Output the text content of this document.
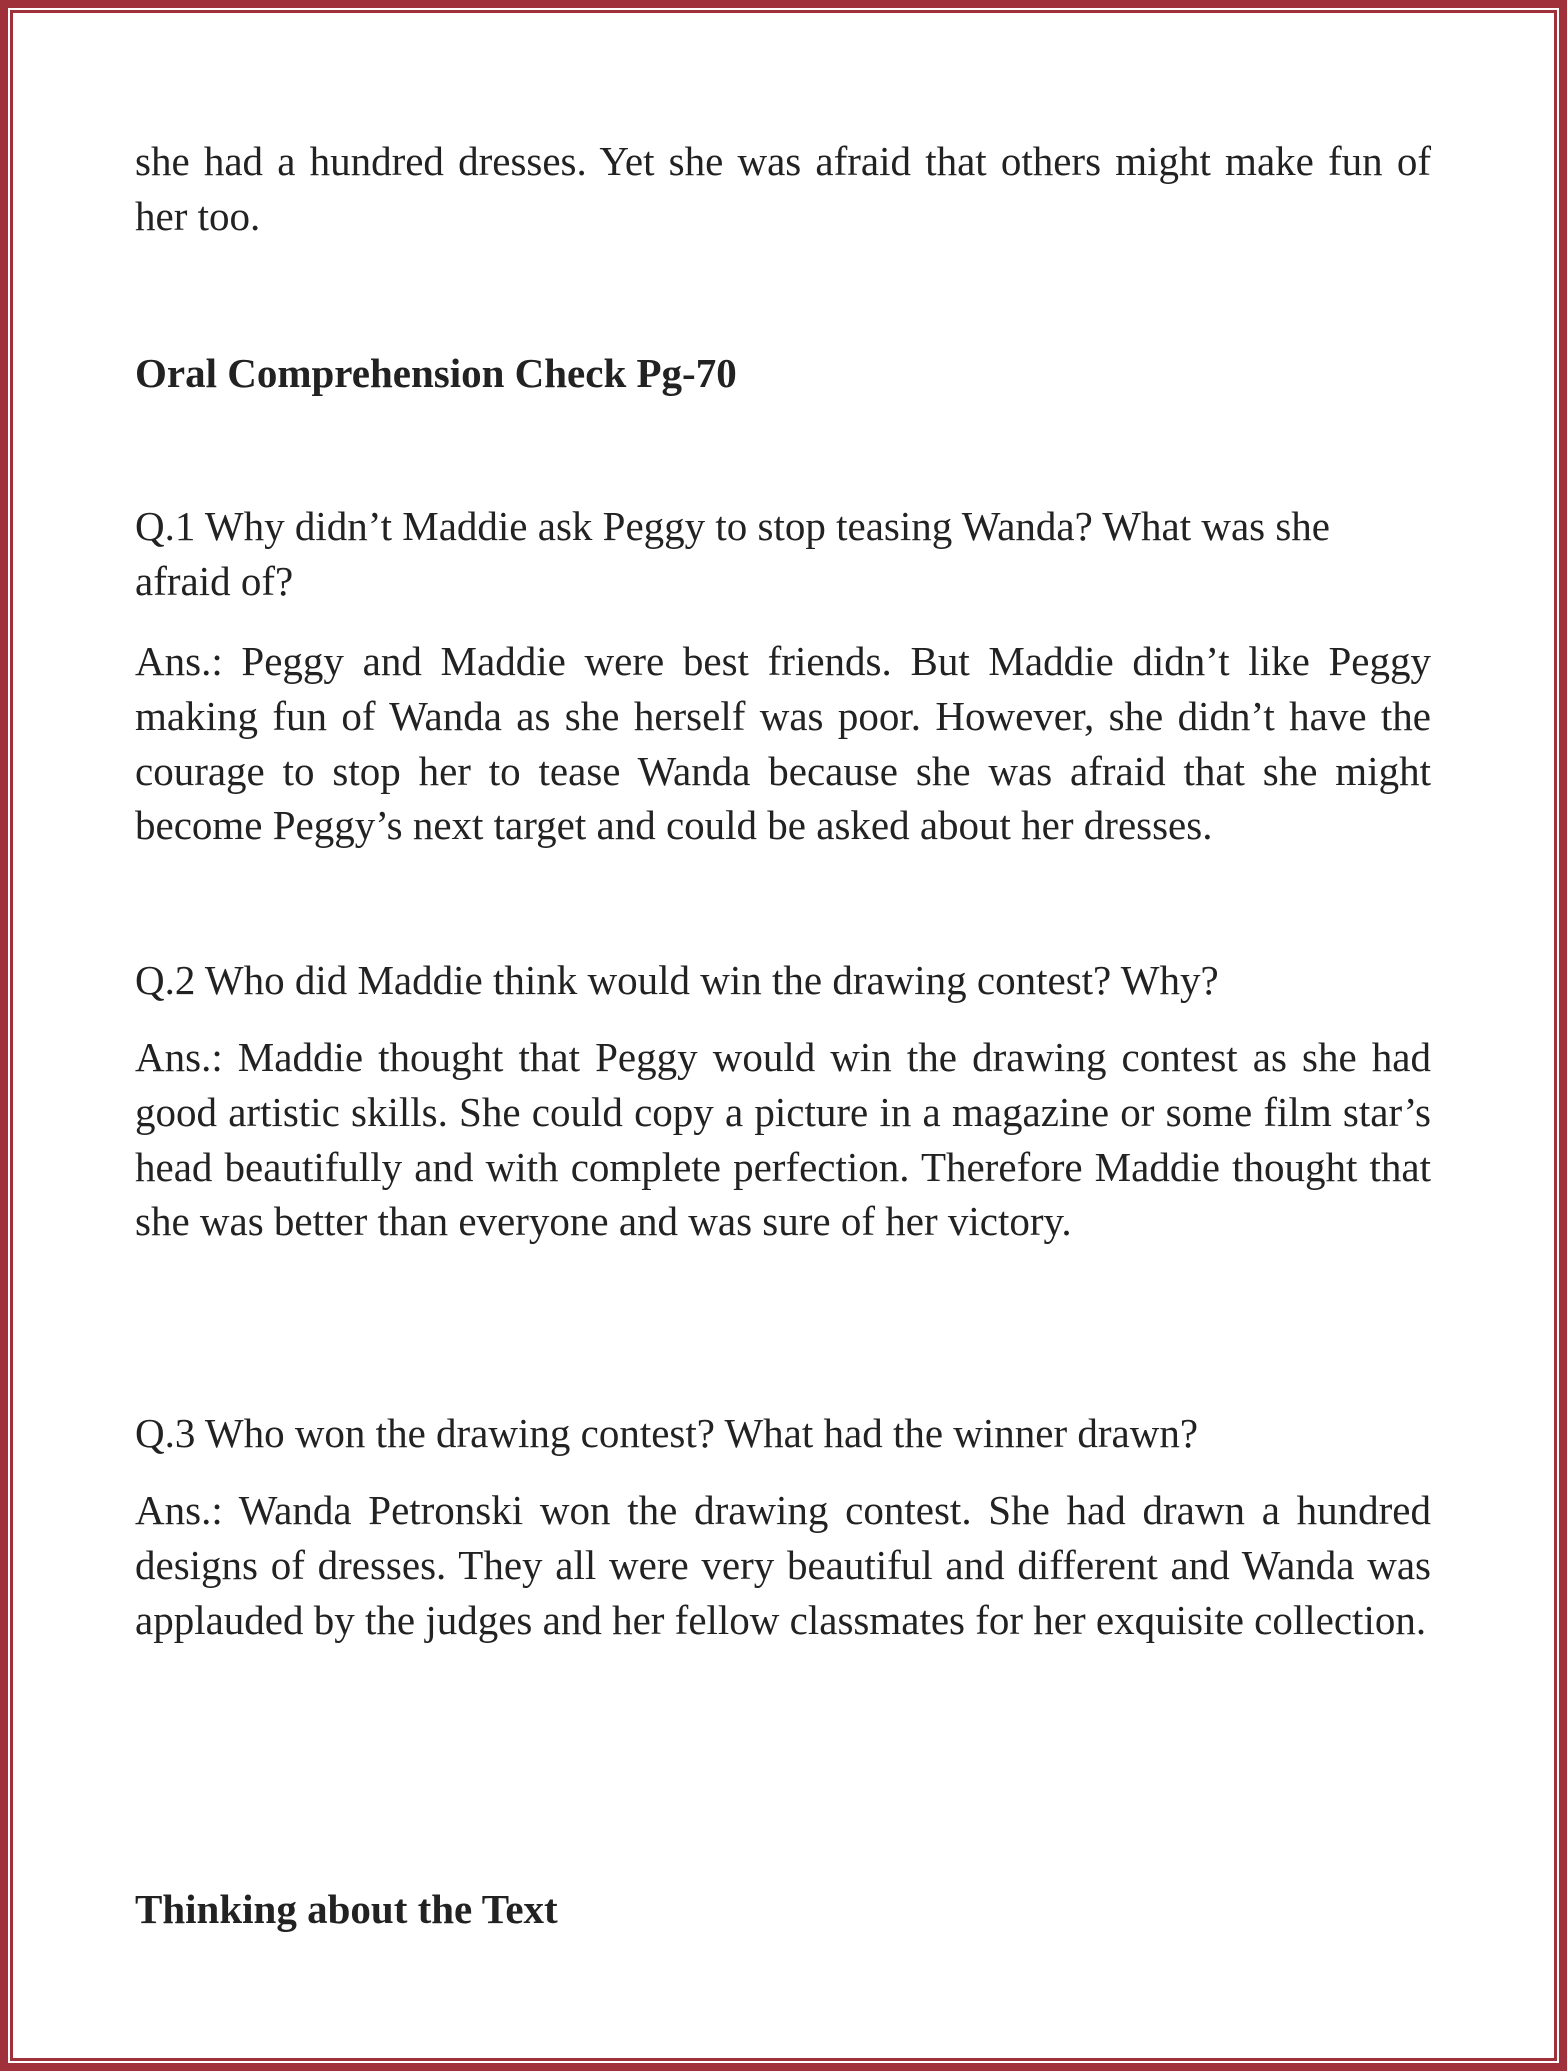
she had a hundred dresses. Yet she was afraid that others might make fun of her too.

Oral Comprehension Check Pg-70

Q.1 Why didn’t Maddie ask Peggy to stop teasing Wanda? What was she afraid of?

Ans.: Peggy and Maddie were best friends. But Maddie didn’t like Peggy making fun of Wanda as she herself was poor. However, she didn’t have the courage to stop her to tease Wanda because she was afraid that she might become Peggy’s next target and could be asked about her dresses.

Q.2 Who did Maddie think would win the drawing contest? Why?

Ans.: Maddie thought that Peggy would win the drawing contest as she had good artistic skills. She could copy a picture in a magazine or some film star’s head beautifully and with complete perfection. Therefore Maddie thought that she was better than everyone and was sure of her victory.

Q.3 Who won the drawing contest? What had the winner drawn?

Ans.: Wanda Petronski won the drawing contest. She had drawn a hundred designs of dresses. They all were very beautiful and different and Wanda was applauded by the judges and her fellow classmates for her exquisite collection.

Thinking about the Text
